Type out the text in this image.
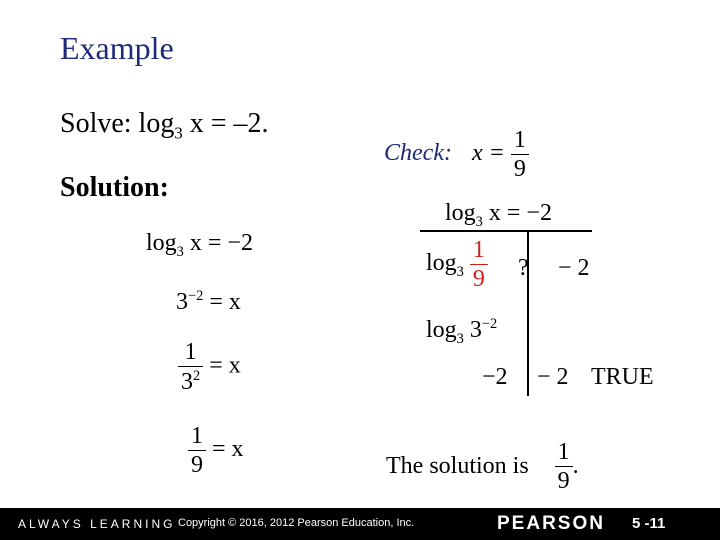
Example
Solve: $\log_3 x = -2$.
Check: $x = \frac{1}{9}$
Solution:
$\log_3 x = -2$
$3^{-2} = x$
$\frac{1}{3^2} = x$
$\frac{1}{9} = x$
$\log_3 x = -2$
$\log_3 \frac{1}{9}$ ? − 2
$\log_3 3^{-2}$
−2 − 2 TRUE
The solution is $\frac{1}{9}$ .
ALWAYS LEARNING Copyright © 2016, 2012 Pearson Education, Inc.	PEARSON 5 -11
